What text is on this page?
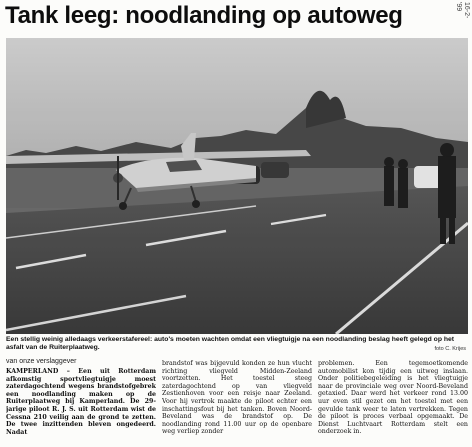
Tank leeg: noodlanding op autoweg	16-2-'99
Een stellig weinig alledaags verkeerstafereel: auto's moeten wachten omdat een vliegtuigje na een noodlanding beslag heeft gelegd op het asfalt van de Ruiterplaatweg.	foto C. Krijes
van onze verslaggever
KAMPERLAND – Een uit Rotterdam afkomstig sportvliegtuigje moest zaterdagochtend wegens brandstofgebrek een noodlanding maken op de Ruiterplaatweg bij Kamperland. De 29-jarige piloot R. J. S. uit Rotterdam wist de Cessna 210 veilig aan de grond te zetten. De twee inzittenden bleven ongedeerd. Nadat
brandstof was bijgevuld konden ze hun vlucht richting vliegveld Midden-Zeeland voortzetten. Het toestel steeg zaterdagochtend op van vliegveld Zestienhoven voor een reisje naar Zeeland. Voor hij vertrok maakte de piloot echter een inschattingsfout bij het tanken. Boven Noord-Beveland was de brandstof op. De noodlanding rond 11.00 uur op de openbare weg verliep zonder
problemen. Een tegemoetkomende automobilist kon tijdig een uitweg inslaan. Onder politiebegeleiding is het vliegtuigje naar de provinciale weg over Noord-Beveland getaxied. Daar werd het verkeer rond 13.00 uur even stil gezet om het toestel met een gevulde tank weer te laten vertrekken. Tegen de piloot is proces verbaal opgemaakt. De Dienst Luchtvaart Rotterdam stelt een onderzoek in.
